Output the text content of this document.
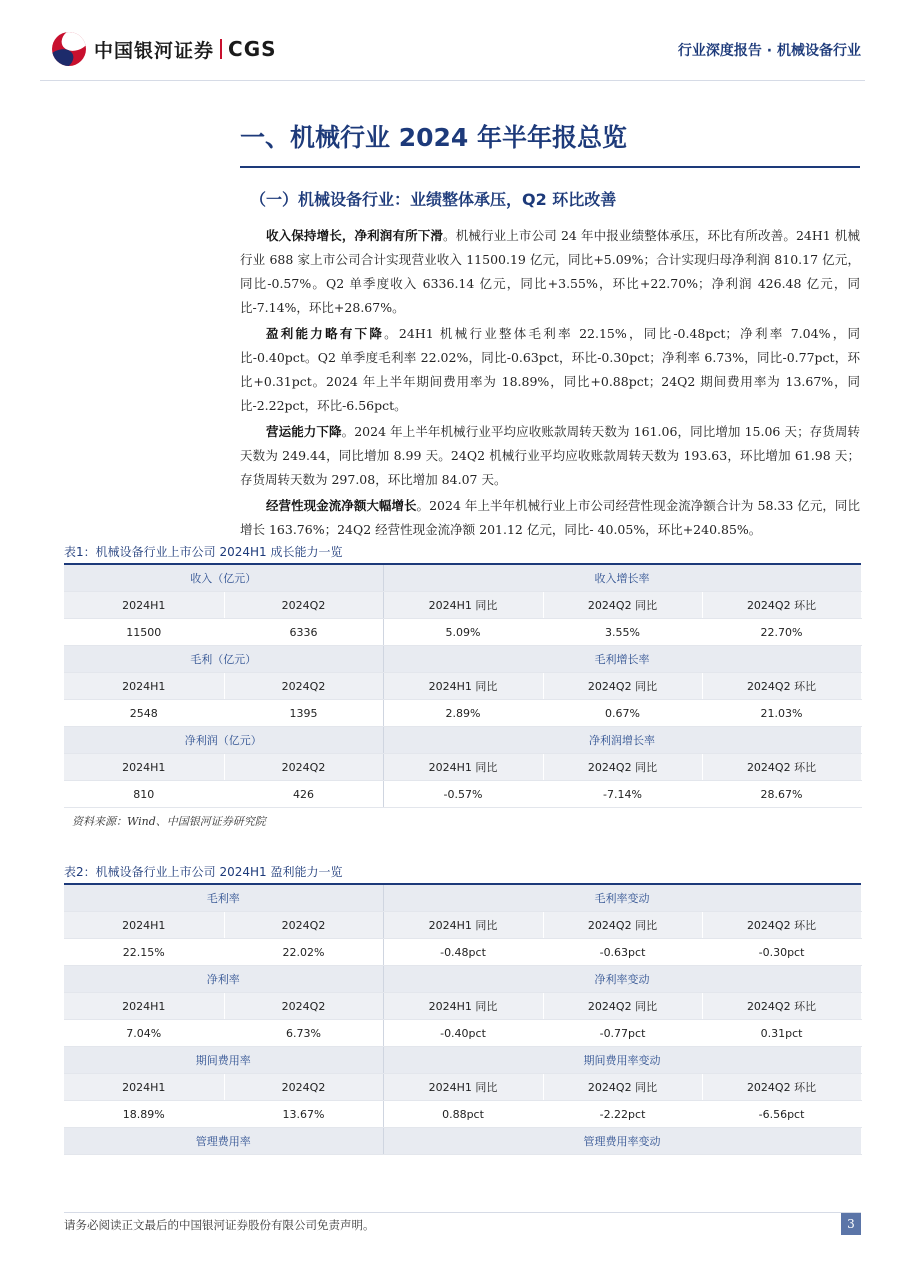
中国银河证券 CGS	行业深度报告 · 机械设备行业
一、机械行业 2024 年半年报总览
（一）机械设备行业：业绩整体承压，Q2 环比改善

收入保持增长，净利润有所下滑。机械行业上市公司 24 年中报业绩整体承压，环比有所改善。24H1 机械行业 688 家上市公司合计实现营业收入 11500.19 亿元，同比+5.09%；合计实现归母净利润 810.17 亿元，同比-0.57%。Q2 单季度收入 6336.14 亿元，同比+3.55%，环比+22.70%；净利润 426.48 亿元，同比-7.14%，环比+28.67%。

盈利能力略有下降。24H1 机械行业整体毛利率 22.15%，同比-0.48pct；净利率 7.04%，同比-0.40pct。Q2 单季度毛利率 22.02%，同比-0.63pct，环比-0.30pct；净利率 6.73%，同比-0.77pct，环比+0.31pct。2024 年上半年期间费用率为 18.89%，同比+0.88pct；24Q2 期间费用率为 13.67%，同比-2.22pct，环比-6.56pct。

营运能力下降。2024 年上半年机械行业平均应收账款周转天数为 161.06，同比增加 15.06 天；存货周转天数为 249.44，同比增加 8.99 天。24Q2 机械行业平均应收账款周转天数为 193.63，环比增加 61.98 天；存货周转天数为 297.08，环比增加 84.07 天。

经营性现金流净额大幅增长。2024 年上半年机械行业上市公司经营性现金流净额合计为 58.33 亿元，同比增长 163.76%；24Q2 经营性现金流净额 201.12 亿元，同比- 40.05%，环比+240.85%。

表1：机械设备行业上市公司 2024H1 成长能力一览
收入（亿元）		收入增长率		
2024H1	2024Q2	2024H1 同比	2024Q2 同比	2024Q2 环比
11500	6336	5.09%	3.55%	22.70%
毛利（亿元）		毛利增长率		
2024H1	2024Q2	2024H1 同比	2024Q2 同比	2024Q2 环比
2548	1395	2.89%	0.67%	21.03%
净利润（亿元）		净利润增长率		
2024H1	2024Q2	2024H1 同比	2024Q2 同比	2024Q2 环比
810	426	-0.57%	-7.14%	28.67%
资料来源：Wind、中国银河证券研究院
表2：机械设备行业上市公司 2024H1 盈利能力一览
毛利率		毛利率变动		
2024H1	2024Q2	2024H1 同比	2024Q2 同比	2024Q2 环比
22.15%	22.02%	-0.48pct	-0.63pct	-0.30pct
净利率		净利率变动		
2024H1	2024Q2	2024H1 同比	2024Q2 同比	2024Q2 环比
7.04%	6.73%	-0.40pct	-0.77pct	0.31pct
期间费用率		期间费用率变动		
2024H1	2024Q2	2024H1 同比	2024Q2 同比	2024Q2 环比
18.89%	13.67%	0.88pct	-2.22pct	-6.56pct
管理费用率		管理费用率变动		
请务必阅读正文最后的中国银河证券股份有限公司免责声明。	3
